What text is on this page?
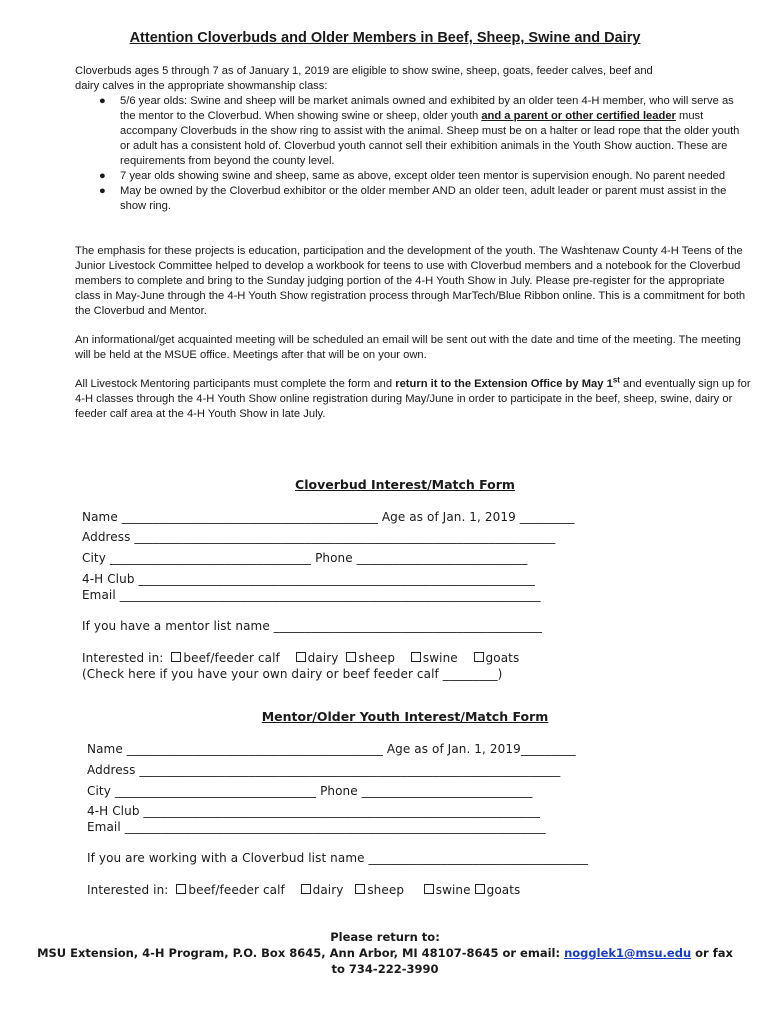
Attention Cloverbuds and Older Members in Beef, Sheep, Swine and Dairy

Cloverbuds ages 5 through 7 as of January 1, 2019 are eligible to show swine, sheep, goats, feeder calves, beef and

dairy calves in the appropriate showmanship class:

● 5/6 year olds: Swine and sheep will be market animals owned and exhibited by an older teen 4-H member, who will serve as the mentor to the Cloverbud. When showing swine or sheep, older youth and a parent or other certified leader must accompany Cloverbuds in the show ring to assist with the animal. Sheep must be on a halter or lead rope that the older youth or adult has a consistent hold of. Cloverbud youth cannot sell their exhibition animals in the Youth Show auction. These are requirements from beyond the county level.
● 7 year olds showing swine and sheep, same as above, except older teen mentor is supervision enough. No parent needed
● May be owned by the Cloverbud exhibitor or the older member AND an older teen, adult leader or parent must assist in the show ring.
The emphasis for these projects is education, participation and the development of the youth. The Washtenaw County 4-H Teens of the Junior Livestock Committee helped to develop a workbook for teens to use with Cloverbud members and a notebook for the Cloverbud members to complete and bring to the Sunday judging portion of the 4-H Youth Show in July. Please pre-register for the appropriate class in May-June through the 4-H Youth Show registration process through MarTech/Blue Ribbon online. This is a commitment for both the Cloverbud and Mentor.
An informational/get acquainted meeting will be scheduled an email will be sent out with the date and time of the meeting. The meeting will be held at the MSUE office. Meetings after that will be on your own.
All Livestock Mentoring participants must complete the form and return it to the Extension Office by May 1st and eventually sign up for 4-H classes through the 4-H Youth Show online registration during May/June in order to participate in the beef, sheep, swine, dairy or feeder calf area at the 4-H Youth Show in late July.
Cloverbud Interest/Match Form
Name __________________________________________ Age as of Jan. 1, 2019 _________
Address _____________________________________________________________________
City _________________________________ Phone ____________________________
4-H Club _________________________________________________________________
Email _____________________________________________________________________
If you have a mentor list name ____________________________________________
Interested in: beef/feeder calf dairy sheep swine goats
(Check here if you have your own dairy or beef feeder calf _________)
Mentor/Older Youth Interest/Match Form
Name __________________________________________ Age as of Jan. 1, 2019_________
Address _____________________________________________________________________
City _________________________________ Phone ____________________________
4-H Club _________________________________________________________________
Email _____________________________________________________________________
If you are working with a Cloverbud list name ____________________________________
Interested in: beef/feeder calf dairy sheep	swine goats
Please return to:
MSU Extension, 4-H Program, P.O. Box 8645, Ann Arbor, MI 48107-8645 or email: nogglek1@msu.edu or fax
to 734-222-3990
